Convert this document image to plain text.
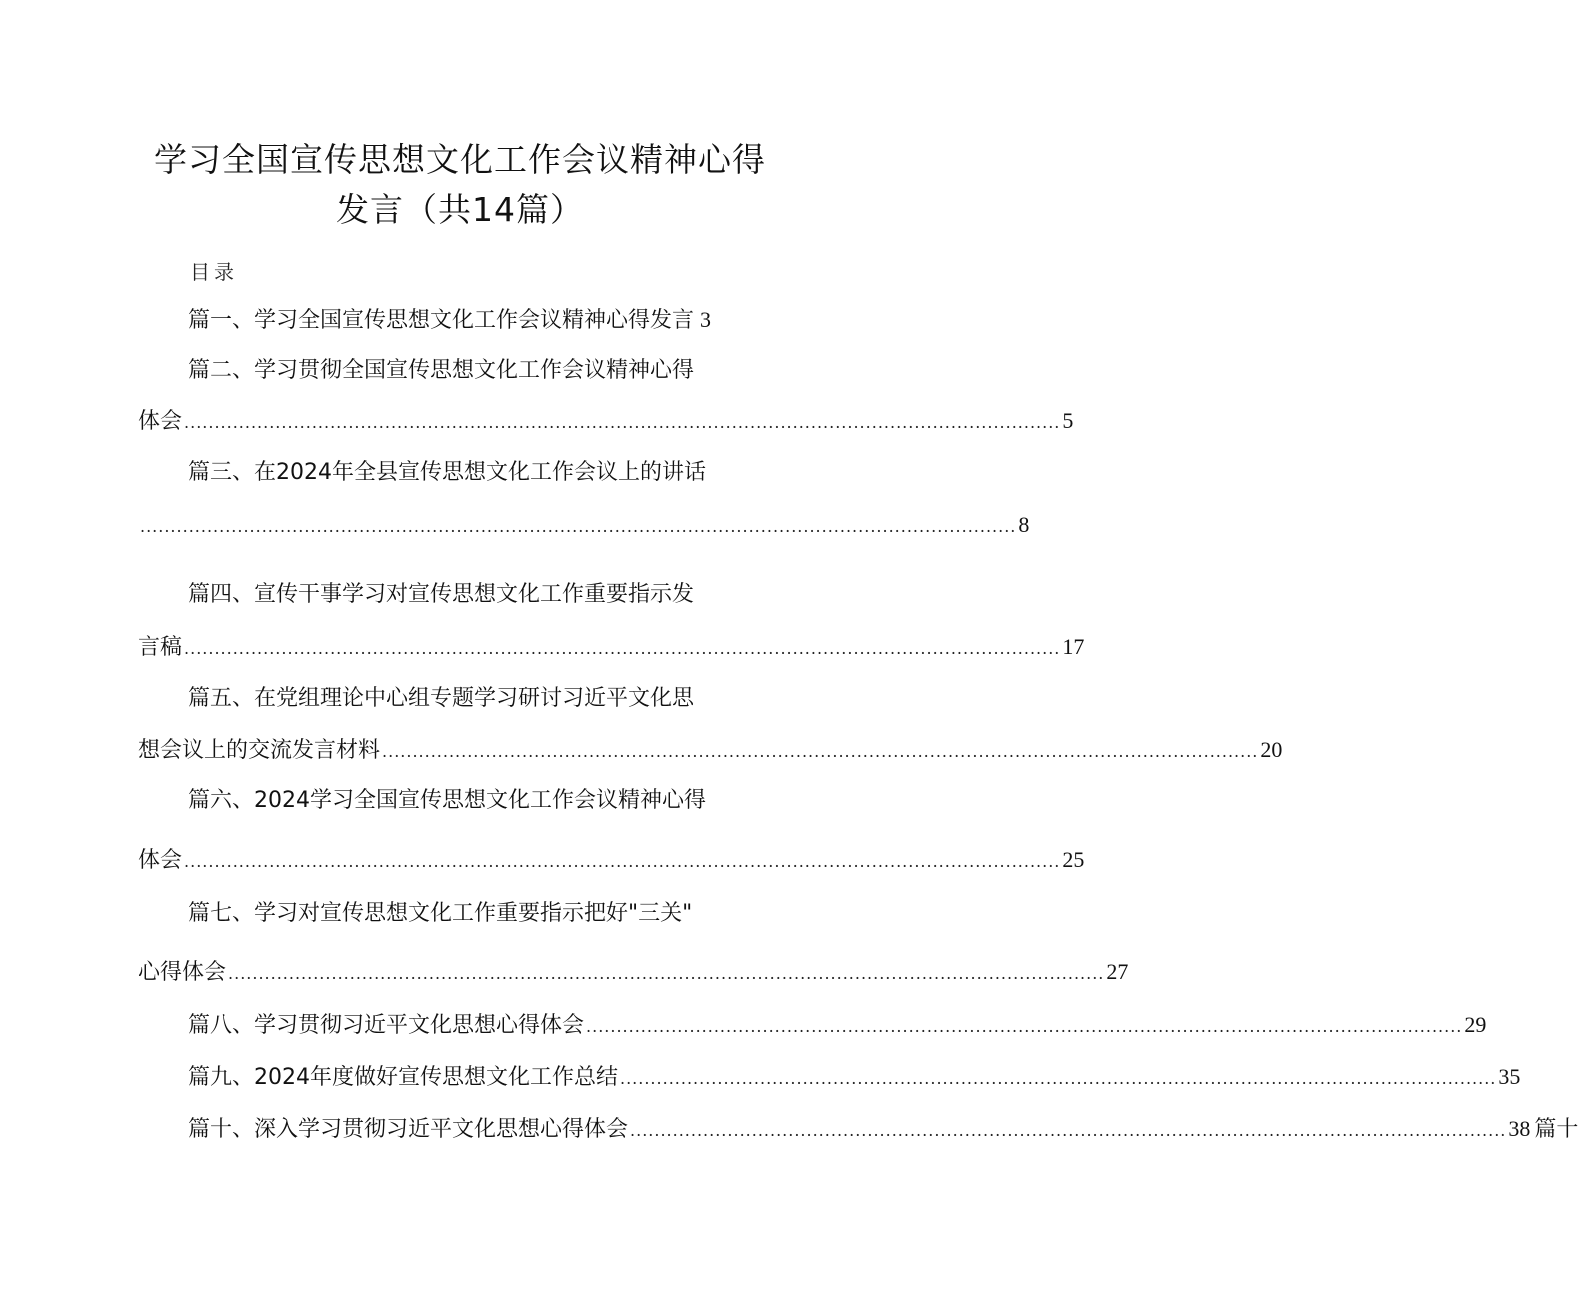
学习全国宣传思想文化工作会议精神心得
发言（共14篇）
目录
篇一、学习全国宣传思想文化工作会议精神心得发言 3
篇二、学习贯彻全国宣传思想文化工作会议精神心得
体会 ................................................................................................................................................ 5
篇三、在2024年全县宣传思想文化工作会议上的讲话
................................................................................................................................................ 8
篇四、宣传干事学习对宣传思想文化工作重要指示发
言稿 ................................................................................................................................................ 17
篇五、在党组理论中心组专题学习研讨习近平文化思
想会议上的交流发言材料 ................................................................................................................................................ 20
篇六、2024学习全国宣传思想文化工作会议精神心得
体会 ................................................................................................................................................ 25
篇七、学习对宣传思想文化工作重要指示把好"三关"
心得体会 ................................................................................................................................................ 27
篇八、学习贯彻习近平文化思想心得体会 ................................................................................................................................................ 29
篇九、2024年度做好宣传思想文化工作总结 ................................................................................................................................................ 35
篇十、深入学习贯彻习近平文化思想心得体会 ................................................................................................................................................ 38 篇十
